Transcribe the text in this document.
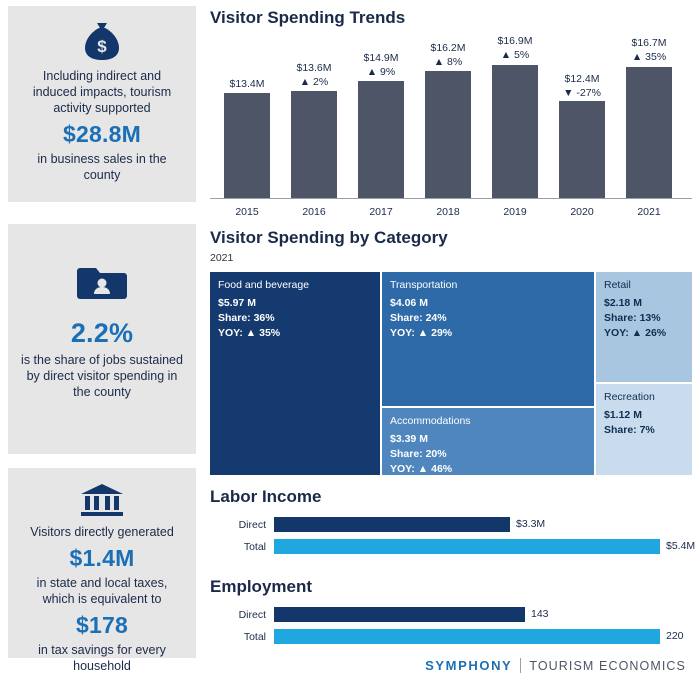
$
Including indirect and induced impacts, tourism activity supported
$28.8M
in business sales in the county
2.2%
is the share of jobs sustained by direct visitor spending in the county
Visitors directly generated
$1.4M
in state and local taxes, which is equivalent to
$178
in tax savings for every household
Visitor Spending Trends
$13.4M
2015
$13.6M
▲ 2%
2016
$14.9M
▲ 9%
2017
$16.2M
▲ 8%
2018
$16.9M
▲ 5%
2019
$12.4M
▼ -27%
2020
$16.7M
▲ 35%
2021
Visitor Spending by Category
2021
Food and beverage
$5.97 M
Share: 36%
YOY: ▲ 35%
Transportation
$4.06 M
Share: 24%
YOY: ▲ 29%
Accommodations
$3.39 M
Share: 20%
YOY: ▲ 46%
Retail
$2.18 M
Share: 13%
YOY: ▲ 26%
Recreation
$1.12 M
Share: 7%
Labor Income
Direct	$3.3M
Total	$5.4M
Employment
Direct	143
Total	220
SYMPHONY TOURISM ECONOMICS
